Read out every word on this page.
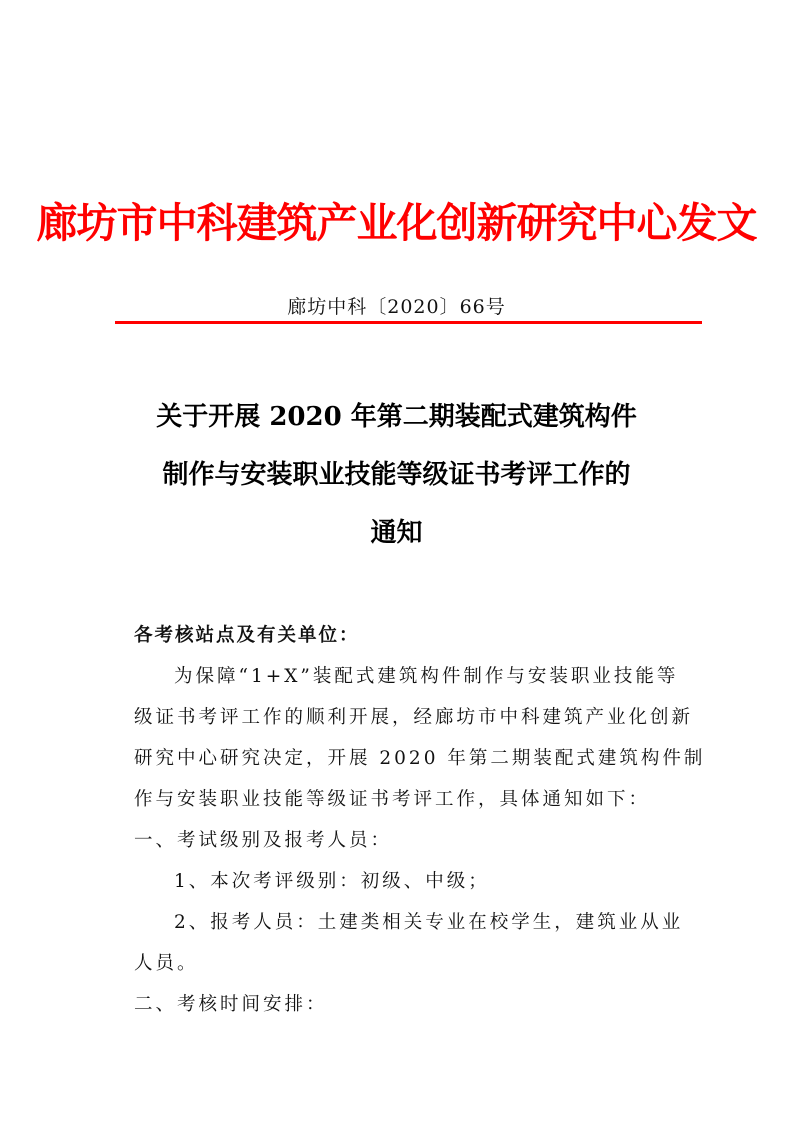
廊坊市中科建筑产业化创新研究中心发文
廊坊中科〔2020〕66号
关于开展 2020 年第二期装配式建筑构件
制作与安装职业技能等级证书考评工作的
通知
各考核站点及有关单位：
为保障“1+X”装配式建筑构件制作与安装职业技能等
级证书考评工作的顺利开展，经廊坊市中科建筑产业化创新
研究中心研究决定，开展 2020 年第二期装配式建筑构件制
作与安装职业技能等级证书考评工作，具体通知如下：
一、考试级别及报考人员：
1、本次考评级别：初级、中级；
2、报考人员：土建类相关专业在校学生，建筑业从业
人员。
二、考核时间安排：
